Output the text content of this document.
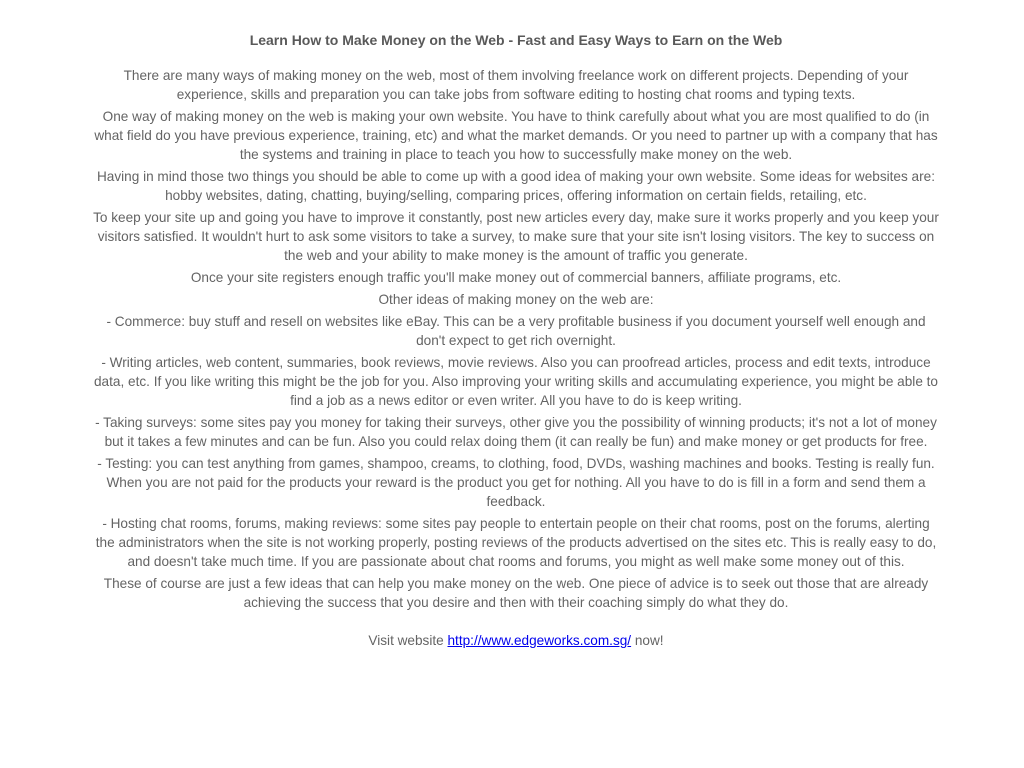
Learn How to Make Money on the Web - Fast and Easy Ways to Earn on the Web
There are many ways of making money on the web, most of them involving freelance work on different projects. Depending of your experience, skills and preparation you can take jobs from software editing to hosting chat rooms and typing texts.
One way of making money on the web is making your own website. You have to think carefully about what you are most qualified to do (in what field do you have previous experience, training, etc) and what the market demands. Or you need to partner up with a company that has the systems and training in place to teach you how to successfully make money on the web.
Having in mind those two things you should be able to come up with a good idea of making your own website. Some ideas for websites are: hobby websites, dating, chatting, buying/selling, comparing prices, offering information on certain fields, retailing, etc.
To keep your site up and going you have to improve it constantly, post new articles every day, make sure it works properly and you keep your visitors satisfied. It wouldn't hurt to ask some visitors to take a survey, to make sure that your site isn't losing visitors. The key to success on the web and your ability to make money is the amount of traffic you generate.
Once your site registers enough traffic you'll make money out of commercial banners, affiliate programs, etc.
Other ideas of making money on the web are:
- Commerce: buy stuff and resell on websites like eBay. This can be a very profitable business if you document yourself well enough and don't expect to get rich overnight.
- Writing articles, web content, summaries, book reviews, movie reviews. Also you can proofread articles, process and edit texts, introduce data, etc. If you like writing this might be the job for you. Also improving your writing skills and accumulating experience, you might be able to find a job as a news editor or even writer. All you have to do is keep writing.
- Taking surveys: some sites pay you money for taking their surveys, other give you the possibility of winning products; it's not a lot of money but it takes a few minutes and can be fun. Also you could relax doing them (it can really be fun) and make money or get products for free.
- Testing: you can test anything from games, shampoo, creams, to clothing, food, DVDs, washing machines and books. Testing is really fun. When you are not paid for the products your reward is the product you get for nothing. All you have to do is fill in a form and send them a feedback.
- Hosting chat rooms, forums, making reviews: some sites pay people to entertain people on their chat rooms, post on the forums, alerting the administrators when the site is not working properly, posting reviews of the products advertised on the sites etc. This is really easy to do, and doesn't take much time. If you are passionate about chat rooms and forums, you might as well make some money out of this.
These of course are just a few ideas that can help you make money on the web. One piece of advice is to seek out those that are already achieving the success that you desire and then with their coaching simply do what they do.
Visit website http://www.edgeworks.com.sg/ now!
